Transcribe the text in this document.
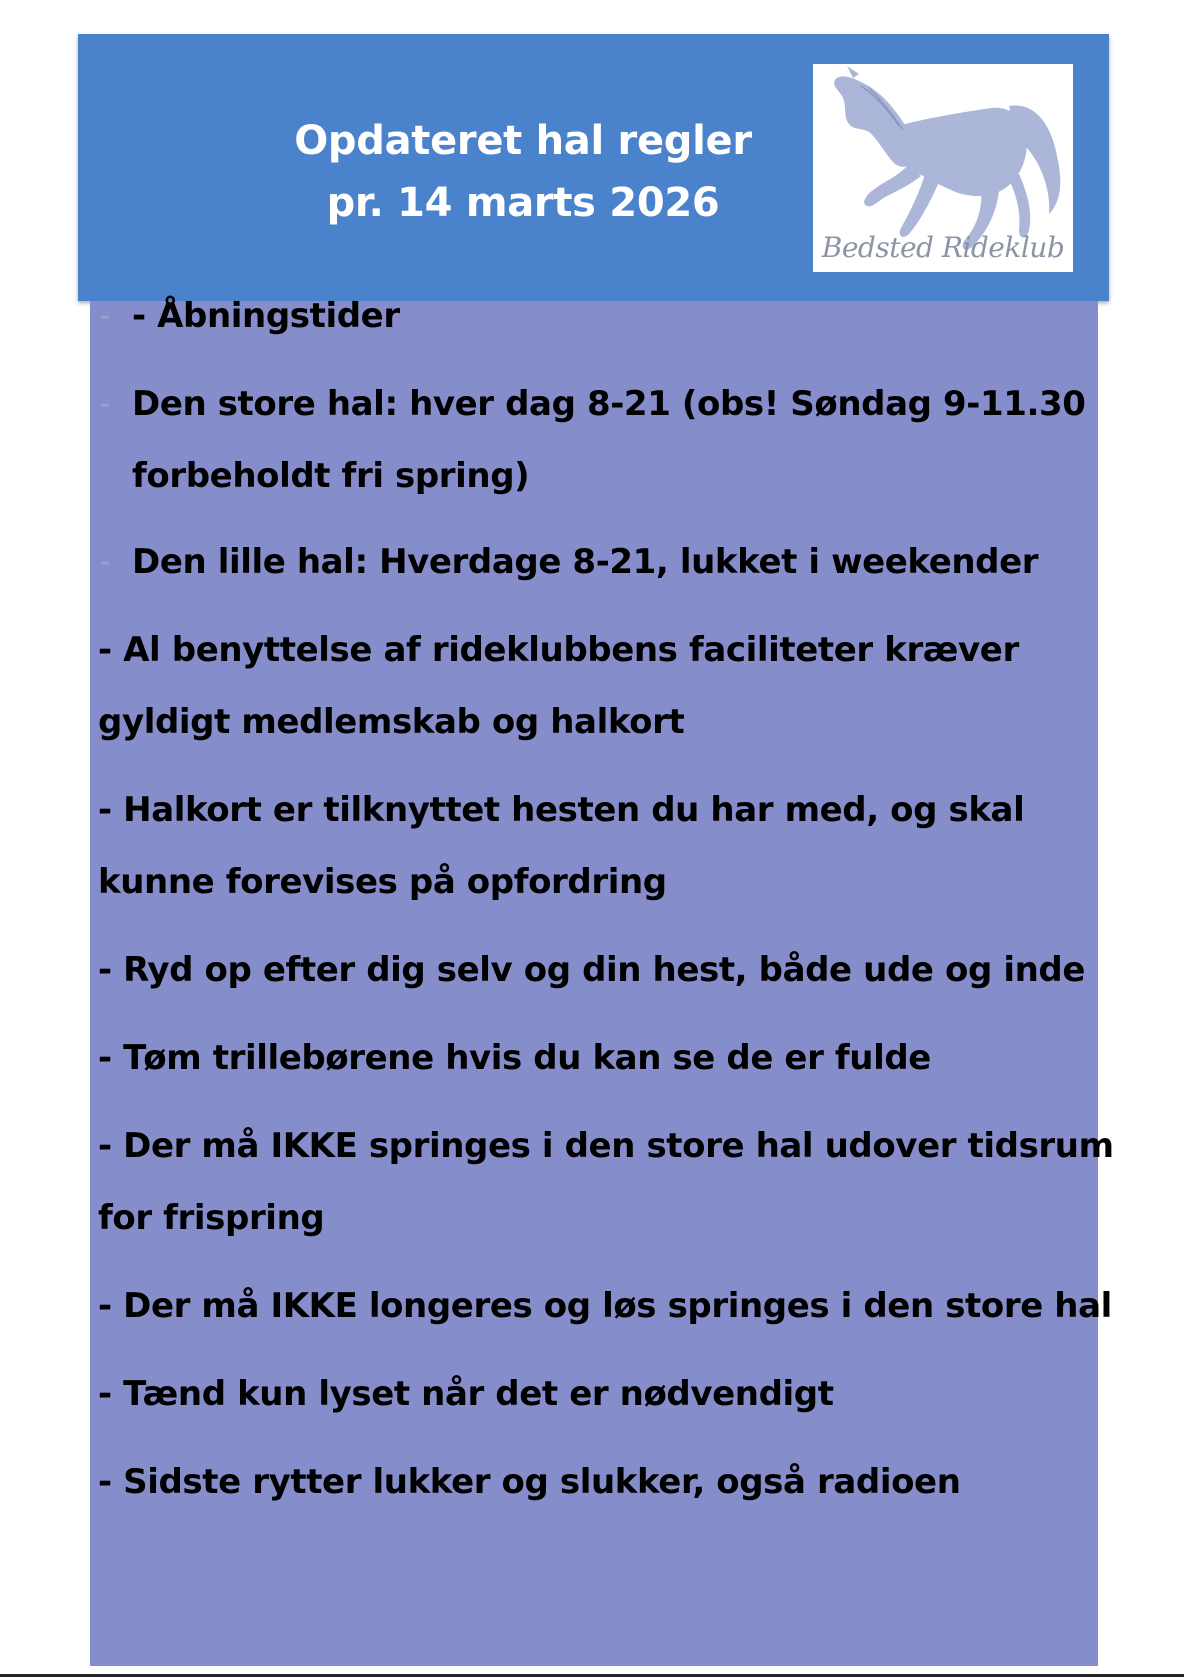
Opdateret hal regler
pr. 14 marts 2026
Bedsted Rideklub
– - Åbningstider
– Den store hal: hver dag 8-21 (obs! Søndag 9-11.30
forbeholdt fri spring)
– Den lille hal: Hverdage 8-21, lukket i weekender
- Al benyttelse af rideklubbens faciliteter kræver
gyldigt medlemskab og halkort
- Halkort er tilknyttet hesten du har med, og skal
kunne forevises på opfordring
- Ryd op efter dig selv og din hest, både ude og inde
- Tøm trillebørene hvis du kan se de er fulde
- Der må IKKE springes i den store hal udover tidsrum
for frispring
- Der må IKKE longeres og løs springes i den store hal
- Tænd kun lyset når det er nødvendigt
- Sidste rytter lukker og slukker, også radioen
